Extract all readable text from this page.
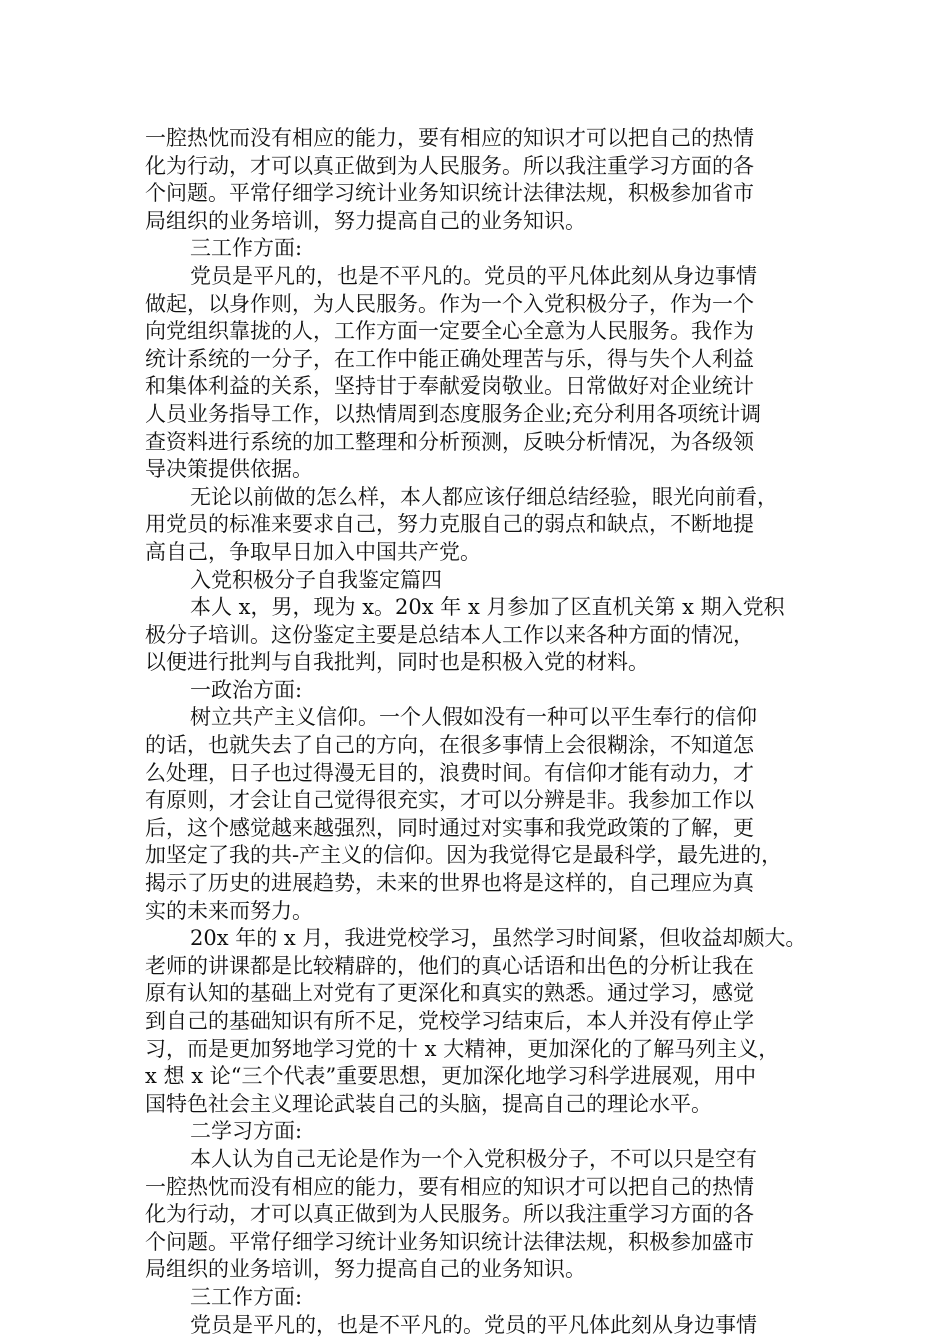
一腔热忱而没有相应的能力，要有相应的知识才可以把自己的热情
化为行动，才可以真正做到为人民服务。所以我注重学习方面的各
个问题。平常仔细学习统计业务知识统计法律法规，积极参加省市
局组织的业务培训，努力提高自己的业务知识。
三工作方面:
党员是平凡的，也是不平凡的。党员的平凡体此刻从身边事情
做起，以身作则，为人民服务。作为一个入党积极分子，作为一个
向党组织靠拢的人，工作方面一定要全心全意为人民服务。我作为
统计系统的一分子，在工作中能正确处理苦与乐，得与失个人利益
和集体利益的关系，坚持甘于奉献爱岗敬业。日常做好对企业统计
人员业务指导工作，以热情周到态度服务企业;充分利用各项统计调
查资料进行系统的加工整理和分析预测，反映分析情况，为各级领
导决策提供依据。
无论以前做的怎么样，本人都应该仔细总结经验，眼光向前看，
用党员的标准来要求自己，努力克服自己的弱点和缺点，不断地提
高自己，争取早日加入中国共产党。
入党积极分子自我鉴定篇四
本人 x，男，现为 x。20x 年 x 月参加了区直机关第 x 期入党积
极分子培训。这份鉴定主要是总结本人工作以来各种方面的情况，
以便进行批判与自我批判，同时也是积极入党的材料。
一政治方面:
树立共产主义信仰。一个人假如没有一种可以平生奉行的信仰
的话，也就失去了自己的方向，在很多事情上会很糊涂，不知道怎
么处理，日子也过得漫无目的，浪费时间。有信仰才能有动力，才
有原则，才会让自己觉得很充实，才可以分辨是非。我参加工作以
后，这个感觉越来越强烈，同时通过对实事和我党政策的了解，更
加坚定了我的共-产主义的信仰。因为我觉得它是最科学，最先进的，
揭示了历史的进展趋势，未来的世界也将是这样的，自己理应为真
实的未来而努力。
20x 年的 x 月，我进党校学习，虽然学习时间紧，但收益却颇大。
老师的讲课都是比较精辟的，他们的真心话语和出色的分析让我在
原有认知的基础上对党有了更深化和真实的熟悉。通过学习，感觉
到自己的基础知识有所不足，党校学习结束后，本人并没有停止学
习，而是更加努地学习党的十 x 大精神，更加深化的了解马列主义，
x 想 x 论“三个代表”重要思想，更加深化地学习科学进展观，用中
国特色社会主义理论武装自己的头脑，提高自己的理论水平。
二学习方面:
本人认为自己无论是作为一个入党积极分子，不可以只是空有
一腔热忱而没有相应的能力，要有相应的知识才可以把自己的热情
化为行动，才可以真正做到为人民服务。所以我注重学习方面的各
个问题。平常仔细学习统计业务知识统计法律法规，积极参加盛市
局组织的业务培训，努力提高自己的业务知识。
三工作方面:
党员是平凡的，也是不平凡的。党员的平凡体此刻从身边事情
